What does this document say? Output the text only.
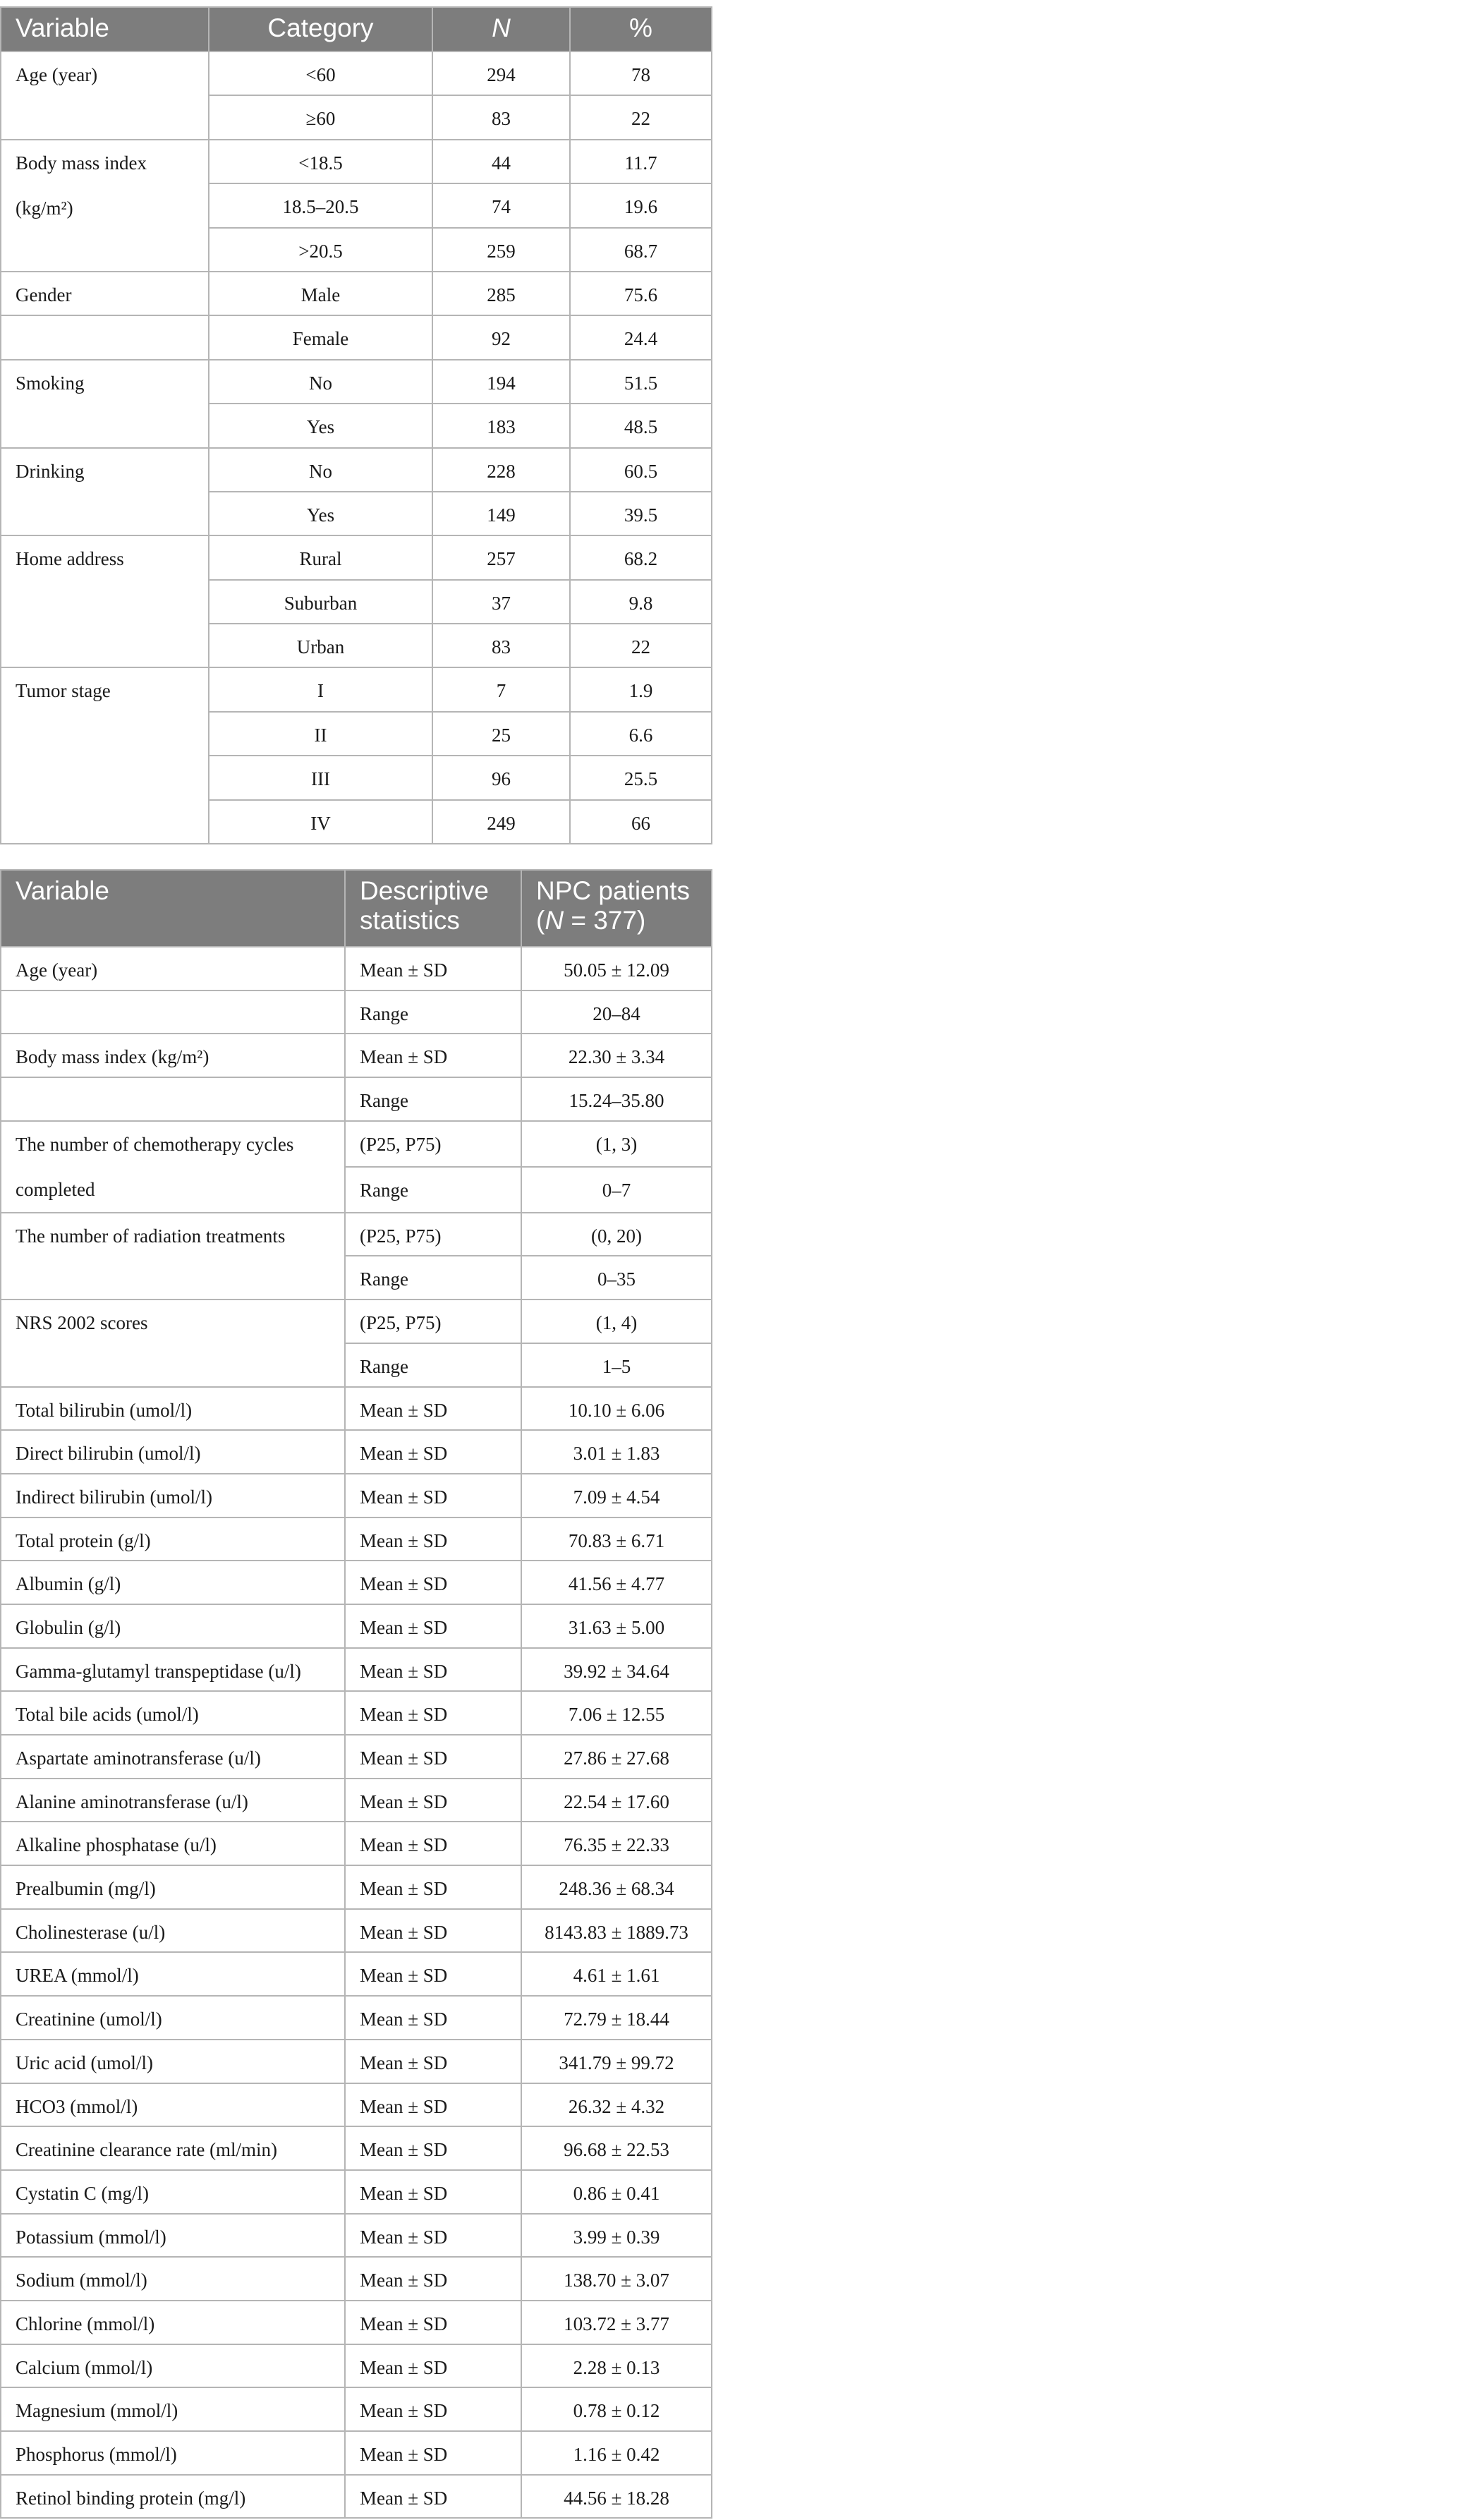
Variable	Category	N	%
Age (year)	<60	294	78
	≥60	83	22
Body mass index (kg/m²)	<18.5	44	11.7
	18.5–20.5	74	19.6
	>20.5	259	68.7
Gender	Male	285	75.6
	Female	92	24.4
Smoking	No	194	51.5
	Yes	183	48.5
Drinking	No	228	60.5
	Yes	149	39.5
Home address	Rural	257	68.2
	Suburban	37	9.8
	Urban	83	22
Tumor stage	I	7	1.9
	II	25	6.6
	III	96	25.5
	IV	249	66
Variable	Descriptive statistics	NPC patients (N = 377)
Age (year)	Mean ± SD	50.05 ± 12.09
	Range	20–84
Body mass index (kg/m²)	Mean ± SD	22.30 ± 3.34
	Range	15.24–35.80
The number of chemotherapy cycles completed	(P25, P75)	(1, 3)
	Range	0–7
The number of radiation treatments	(P25, P75)	(0, 20)
	Range	0–35
NRS 2002 scores	(P25, P75)	(1, 4)
	Range	1–5
Total bilirubin (umol/l)	Mean ± SD	10.10 ± 6.06
Direct bilirubin (umol/l)	Mean ± SD	3.01 ± 1.83
Indirect bilirubin (umol/l)	Mean ± SD	7.09 ± 4.54
Total protein (g/l)	Mean ± SD	70.83 ± 6.71
Albumin (g/l)	Mean ± SD	41.56 ± 4.77
Globulin (g/l)	Mean ± SD	31.63 ± 5.00
Gamma-glutamyl transpeptidase (u/l)	Mean ± SD	39.92 ± 34.64
Total bile acids (umol/l)	Mean ± SD	7.06 ± 12.55
Aspartate aminotransferase (u/l)	Mean ± SD	27.86 ± 27.68
Alanine aminotransferase (u/l)	Mean ± SD	22.54 ± 17.60
Alkaline phosphatase (u/l)	Mean ± SD	76.35 ± 22.33
Prealbumin (mg/l)	Mean ± SD	248.36 ± 68.34
Cholinesterase (u/l)	Mean ± SD	8143.83 ± 1889.73
UREA (mmol/l)	Mean ± SD	4.61 ± 1.61
Creatinine (umol/l)	Mean ± SD	72.79 ± 18.44
Uric acid (umol/l)	Mean ± SD	341.79 ± 99.72
HCO3 (mmol/l)	Mean ± SD	26.32 ± 4.32
Creatinine clearance rate (ml/min)	Mean ± SD	96.68 ± 22.53
Cystatin C (mg/l)	Mean ± SD	0.86 ± 0.41
Potassium (mmol/l)	Mean ± SD	3.99 ± 0.39
Sodium (mmol/l)	Mean ± SD	138.70 ± 3.07
Chlorine (mmol/l)	Mean ± SD	103.72 ± 3.77
Calcium (mmol/l)	Mean ± SD	2.28 ± 0.13
Magnesium (mmol/l)	Mean ± SD	0.78 ± 0.12
Phosphorus (mmol/l)	Mean ± SD	1.16 ± 0.42
Retinol binding protein (mg/l)	Mean ± SD	44.56 ± 18.28
